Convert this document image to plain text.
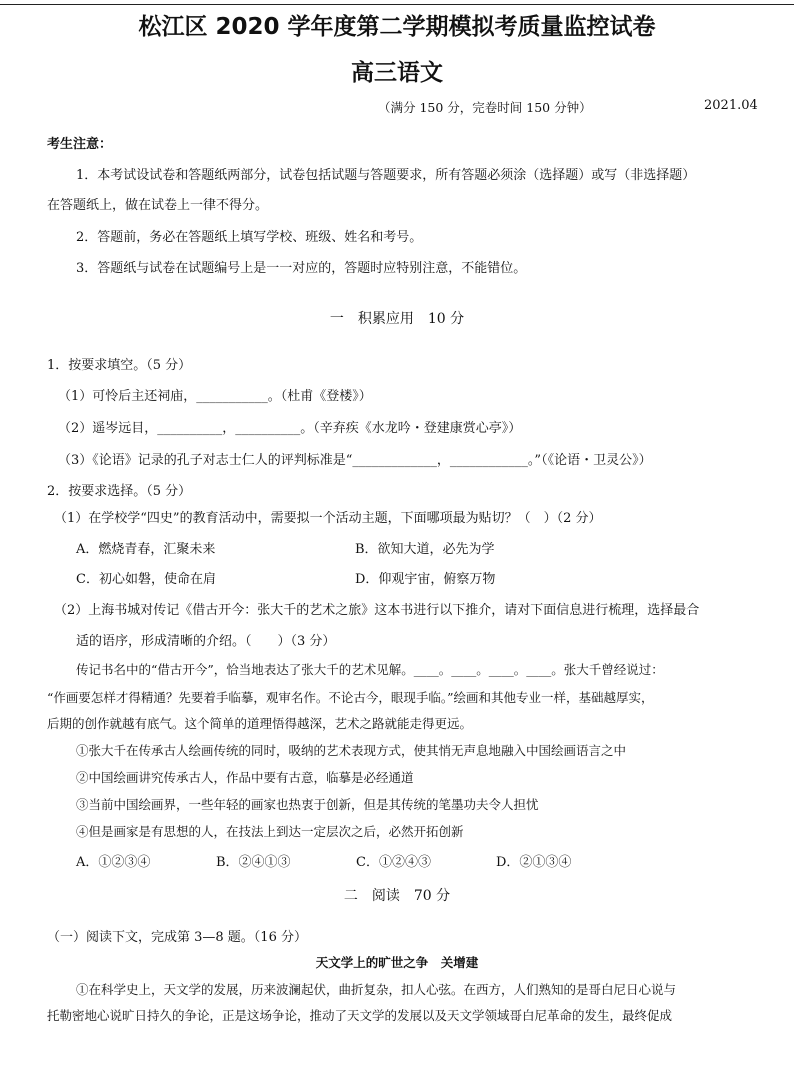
松江区 2020 学年度第二学期模拟考质量监控试卷
高三语文
（满分 150 分，完卷时间 150 分钟）	2021.04
考生注意：
1．本考试设试卷和答题纸两部分，试卷包括试题与答题要求，所有答题必须涂（选择题）或写（非选择题）
在答题纸上，做在试卷上一律不得分。
2．答题前，务必在答题纸上填写学校、班级、姓名和考号。
3．答题纸与试卷在试题编号上是一一对应的，答题时应特别注意，不能错位。
一　积累应用　10 分
1．按要求填空。（5 分）
（1）可怜后主还祠庙，___________。（杜甫《登楼》）
（2）遥岑远目，__________，__________。（辛弃疾《水龙吟・登建康赏心亭》）
（3）《论语》记录的孔子对志士仁人的评判标准是“_____________，____________。”（《论语・卫灵公》）
2．按要求选择。（5 分）
（1）在学校学“四史”的教育活动中，需要拟一个活动主题，下面哪项最为贴切？（　）（2 分）
A．燃烧青春，汇聚未来	B．欲知大道，必先为学
C．初心如磐，使命在肩	D．仰观宇宙，俯察万物
（2）上海书城对传记《借古开今：张大千的艺术之旅》这本书进行以下推介，请对下面信息进行梳理，选择最合
适的语序，形成清晰的介绍。（　　）（3 分）
传记书名中的“借古开今”，恰当地表达了张大千的艺术见解。____。____。____。____。张大千曾经说过：
“作画要怎样才得精通？先要着手临摹，观审名作。不论古今，眼现手临。”绘画和其他专业一样，基础越厚实，
后期的创作就越有底气。这个简单的道理悟得越深，艺术之路就能走得更远。
①张大千在传承古人绘画传统的同时，吸纳的艺术表现方式，使其悄无声息地融入中国绘画语言之中
②中国绘画讲究传承古人，作品中要有古意，临摹是必经通道
③当前中国绘画界，一些年轻的画家也热衷于创新，但是其传统的笔墨功夫令人担忧
④但是画家是有思想的人，在技法上到达一定层次之后，必然开拓创新
A．①②③④	B．②④①③	C．①②④③	D．②①③④
二　阅读　70 分
（一）阅读下文，完成第 3—8 题。（16 分）
天文学上的旷世之争　关增建
①在科学史上，天文学的发展，历来波澜起伏，曲折复杂，扣人心弦。在西方，人们熟知的是哥白尼日心说与
托勒密地心说旷日持久的争论，正是这场争论，推动了天文学的发展以及天文学领域哥白尼革命的发生，最终促成
